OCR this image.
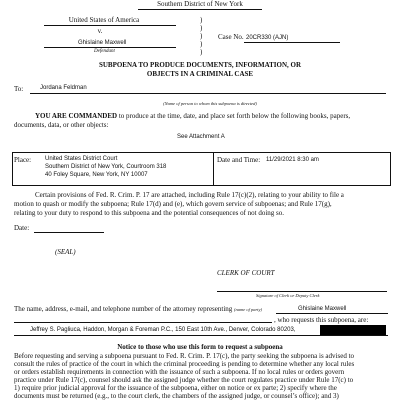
Southern District of New York
United States of America
v.
Ghislaine Maxwell
Defendant
)
)
)
)
)
Case No. 20CR330 (AJN)
SUBPOENA TO PRODUCE DOCUMENTS, INFORMATION, OR
OBJECTS IN A CRIMINAL CASE
To:	Jordana Feldman
(Name of person to whom this subpoena is directed)
YOU ARE COMMANDED to produce at the time, date, and place set forth below the following books, papers,
documents, data, or other objects:
See Attachment A
Place: United States District Court
Southern District of New York, Courtroom 318
40 Foley Square, New York, NY 10007
Date and Time: 11/29/2021 8:30 am
Certain provisions of Fed. R. Crim. P. 17 are attached, including Rule 17(c)(2), relating to your ability to file a
motion to quash or modify the subpoena; Rule 17(d) and (e), which govern service of subpoenas; and Rule 17(g),
relating to your duty to respond to this subpoena and the potential consequences of not doing so.
Date:
(SEAL)
CLERK OF COURT
Signature of Clerk or Deputy Clerk
The name, address, e-mail, and telephone number of the attorney representing (name of party)	Ghislaine Maxwell
, who requests this subpoena, are:
Jeffrey S. Pagliuca, Haddon, Morgan & Foreman P.C., 150 East 10th Ave., Denver, Colorado 80203,
Notice to those who use this form to request a subpoena
Before requesting and serving a subpoena pursuant to Fed. R. Crim. P. 17(c), the party seeking the subpoena is advised to
consult the rules of practice of the court in which the criminal proceeding is pending to determine whether any local rules
or orders establish requirements in connection with the issuance of such a subpoena. If no local rules or orders govern
practice under Rule 17(c), counsel should ask the assigned judge whether the court regulates practice under Rule 17(c) to
1) require prior judicial approval for the issuance of the subpoena, either on notice or ex parte; 2) specify where the
documents must be returned (e.g., to the court clerk, the chambers of the assigned judge, or counsel’s office); and 3)
